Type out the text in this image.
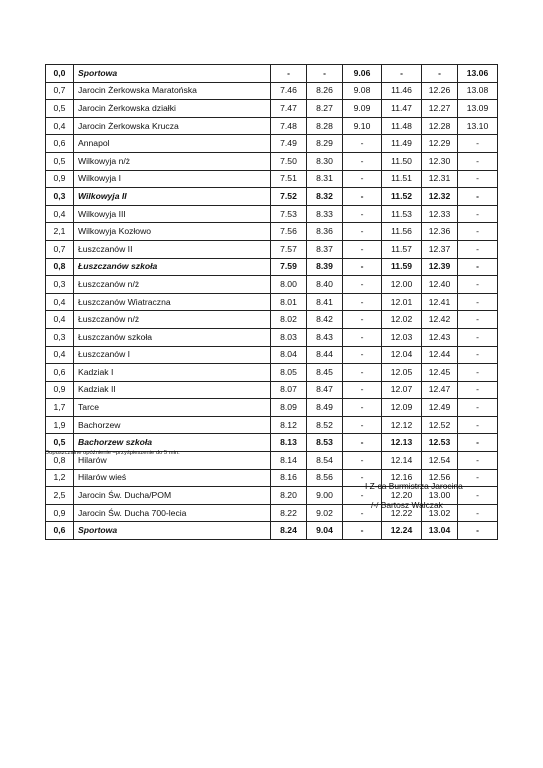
0,0	Sportowa	-	-	9.06	-	-	13.06
0,7	Jarocin Żerkowska Maratońska	7.46	8.26	9.08	11.46	12.26	13.08
0,5	Jarocin Żerkowska działki	7.47	8.27	9.09	11.47	12.27	13.09
0,4	Jarocin Żerkowska Krucza	7.48	8.28	9.10	11.48	12.28	13.10
0,6	Annapol	7.49	8.29	-	11.49	12.29	-
0,5	Wilkowyja n/ż	7.50	8.30	-	11.50	12.30	-
0,9	Wilkowyja I	7.51	8.31	-	11.51	12.31	-
0,3	Wilkowyja II	7.52	8.32	-	11.52	12.32	-
0,4	Wilkowyja III	7.53	8.33	-	11.53	12.33	-
2,1	Wilkowyja Kozłowo	7.56	8.36	-	11.56	12.36	-
0,7	Łuszczanów II	7.57	8.37	-	11.57	12.37	-
0,8	Łuszczanów szkoła	7.59	8.39	-	11.59	12.39	-
0,3	Łuszczanów n/ż	8.00	8.40	-	12.00	12.40	-
0,4	Łuszczanów Wiatraczna	8.01	8.41	-	12.01	12.41	-
0,4	Łuszczanów n/ż	8.02	8.42	-	12.02	12.42	-
0,3	Łuszczanów szkoła	8.03	8.43	-	12.03	12.43	-
0,4	Łuszczanów I	8.04	8.44	-	12.04	12.44	-
0,6	Kadziak I	8.05	8.45	-	12.05	12.45	-
0,9	Kadziak II	8.07	8.47	-	12.07	12.47	-
1,7	Tarce	8.09	8.49	-	12.09	12.49	-
1,9	Bachorzew	8.12	8.52	-	12.12	12.52	-
0,5	Bachorzew szkoła	8.13	8.53	-	12.13	12.53	-
0,8	Hilarów	8.14	8.54	-	12.14	12.54	-
1,2	Hilarów wieś	8.16	8.56	-	12.16	12.56	-
2,5	Jarocin Św. Ducha/POM	8.20	9.00	-	12.20	13.00	-
0,9	Jarocin Św. Ducha 700-lecia	8.22	9.02	-	12.22	13.02	-
0,6	Sportowa	8.24	9.04	-	12.24	13.04	-
Dopuszczalne opóźnienie –przyśpieszenie do 5 min.
I Z-ca Burmistrza Jarocina
/-/ Bartosz Walczak
